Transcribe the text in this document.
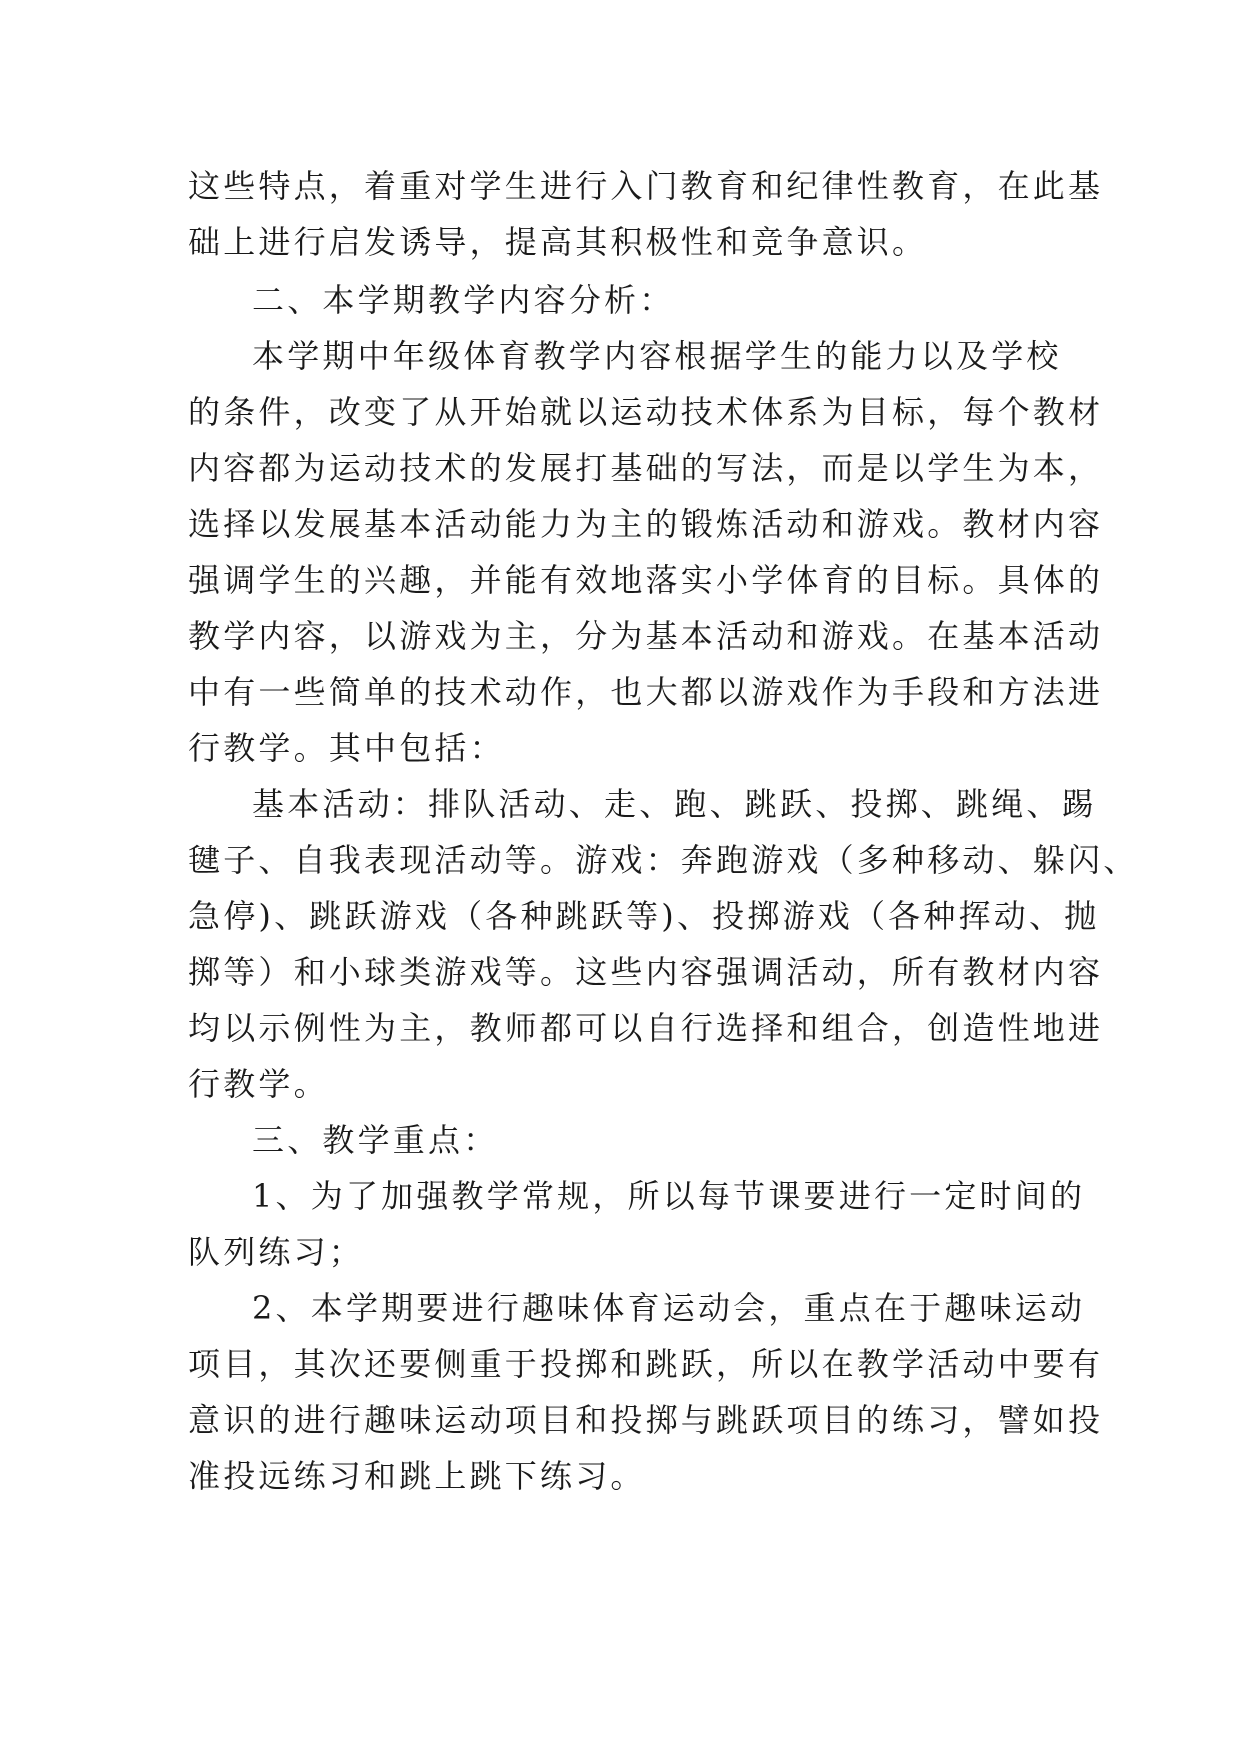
这些特点，着重对学生进行入门教育和纪律性教育，在此基
础上进行启发诱导，提高其积极性和竞争意识。
二、本学期教学内容分析：
本学期中年级体育教学内容根据学生的能力以及学校
的条件，改变了从开始就以运动技术体系为目标，每个教材
内容都为运动技术的发展打基础的写法，而是以学生为本，
选择以发展基本活动能力为主的锻炼活动和游戏。教材内容
强调学生的兴趣，并能有效地落实小学体育的目标。具体的
教学内容，以游戏为主，分为基本活动和游戏。在基本活动
中有一些简单的技术动作，也大都以游戏作为手段和方法进
行教学。其中包括：
基本活动：排队活动、走、跑、跳跃、投掷、跳绳、踢
毽子、自我表现活动等。游戏：奔跑游戏（多种移动、躲闪、
急停)、跳跃游戏（各种跳跃等)、投掷游戏（各种挥动、抛
掷等）和小球类游戏等。这些内容强调活动，所有教材内容
均以示例性为主，教师都可以自行选择和组合，创造性地进
行教学。
三、教学重点：
1、为了加强教学常规，所以每节课要进行一定时间的
队列练习；
2、本学期要进行趣味体育运动会，重点在于趣味运动
项目，其次还要侧重于投掷和跳跃，所以在教学活动中要有
意识的进行趣味运动项目和投掷与跳跃项目的练习，譬如投
准投远练习和跳上跳下练习。
